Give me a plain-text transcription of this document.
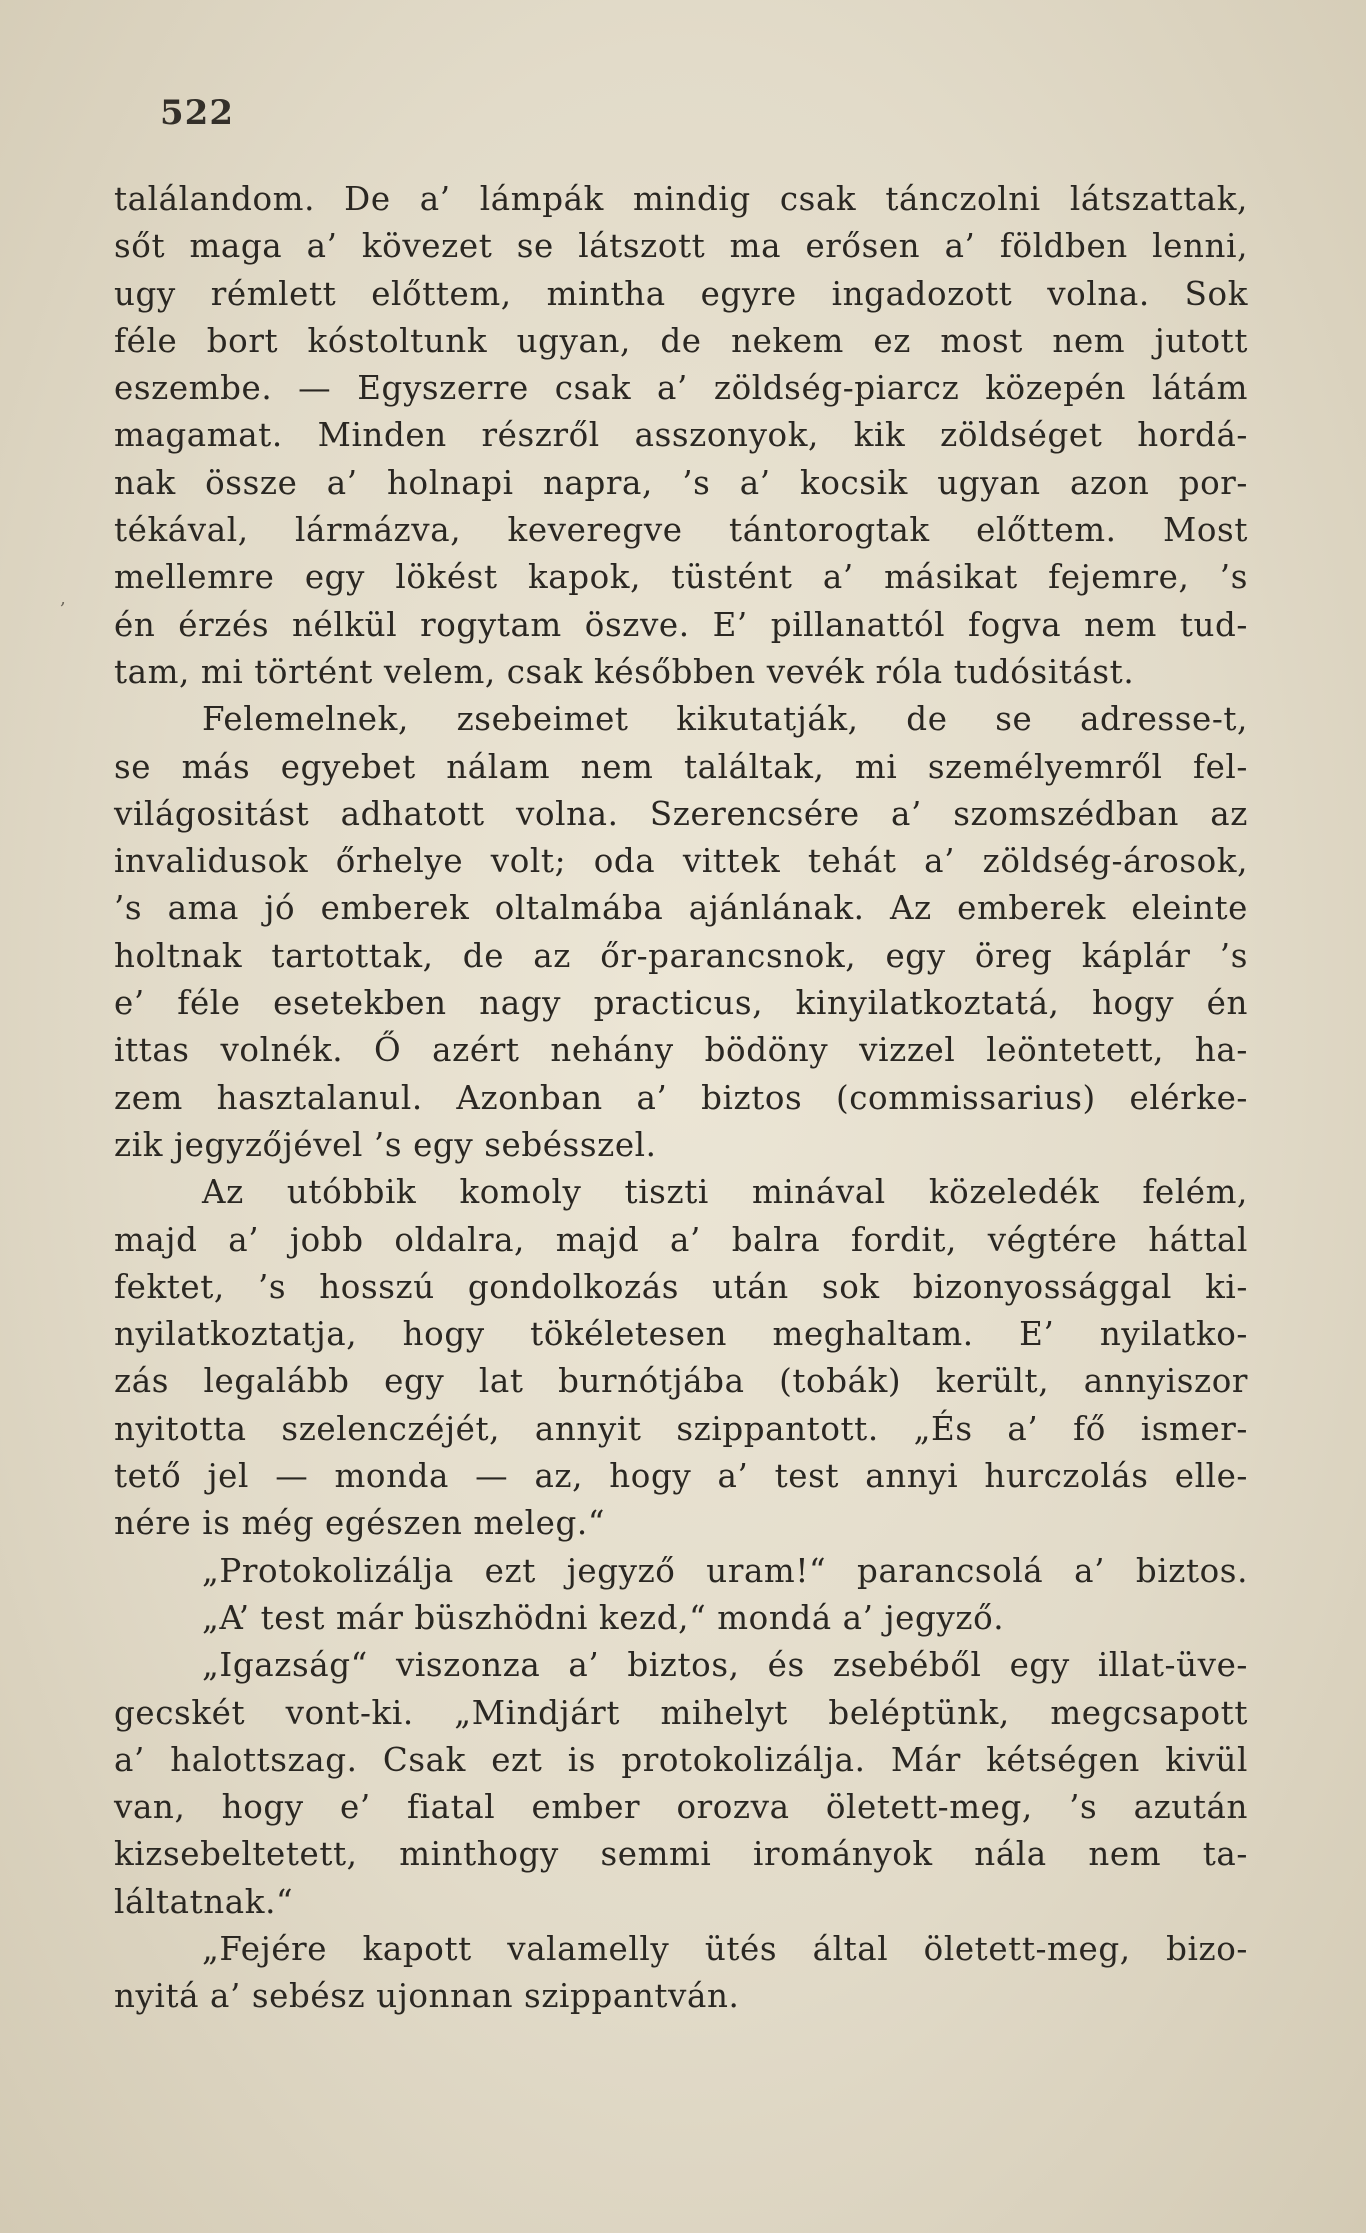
522
‚
találandom. De a’ lámpák mindig csak tánczolni látszattak,
sőt maga a’ kövezet se látszott ma erősen a’ földben lenni,
ugy rémlett előttem, mintha egyre ingadozott volna. Sok
féle bort kóstoltunk ugyan, de nekem ez most nem jutott
eszembe. — Egyszerre csak a’ zöldség-piarcz közepén látám
magamat. Minden részről asszonyok, kik zöldséget hordá-
nak össze a’ holnapi napra, ’s a’ kocsik ugyan azon por-
tékával, lármázva, keveregve tántorogtak előttem. Most
mellemre egy lökést kapok, tüstént a’ másikat fejemre, ’s
én érzés nélkül rogytam öszve. E’ pillanattól fogva nem tud-
tam, mi történt velem, csak későbben vevék róla tudósitást.
Felemelnek, zsebeimet kikutatják, de se adresse-t,
se más egyebet nálam nem találtak, mi személyemről fel-
világositást adhatott volna. Szerencsére a’ szomszédban az
invalidusok őrhelye volt; oda vittek tehát a’ zöldség-árosok,
’s ama jó emberek oltalmába ajánlának. Az emberek eleinte
holtnak tartottak, de az őr-parancsnok, egy öreg káplár ’s
e’ féle esetekben nagy practicus, kinyilatkoztatá, hogy én
ittas volnék. Ő azért nehány bödöny vizzel leöntetett, ha-
zem hasztalanul. Azonban a’ biztos (commissarius) elérke-
zik jegyzőjével ’s egy sebésszel.
Az utóbbik komoly tiszti minával közeledék felém,
majd a’ jobb oldalra, majd a’ balra fordit, végtére háttal
fektet, ’s hosszú gondolkozás után sok bizonyossággal ki-
nyilatkoztatja, hogy tökéletesen meghaltam. E’ nyilatko-
zás legalább egy lat burnótjába (tobák) került, annyiszor
nyitotta szelenczéjét, annyit szippantott. „És a’ fő ismer-
tető jel — monda — az, hogy a’ test annyi hurczolás elle-
nére is még egészen meleg.“
„Protokolizálja ezt jegyző uram!“ parancsolá a’ biztos.
„A’ test már büszhödni kezd,“ mondá a’ jegyző.
„Igazság“ viszonza a’ biztos, és zsebéből egy illat-üve-
gecskét vont-ki. „Mindjárt mihelyt beléptünk, megcsapott
a’ halottszag. Csak ezt is protokolizálja. Már kétségen kivül
van, hogy e’ fiatal ember orozva öletett-meg, ’s azután
kizsebeltetett, minthogy semmi irományok nála nem ta-
láltatnak.“
„Fejére kapott valamelly ütés által öletett-meg, bizo-
nyitá a’ sebész ujonnan szippantván.
